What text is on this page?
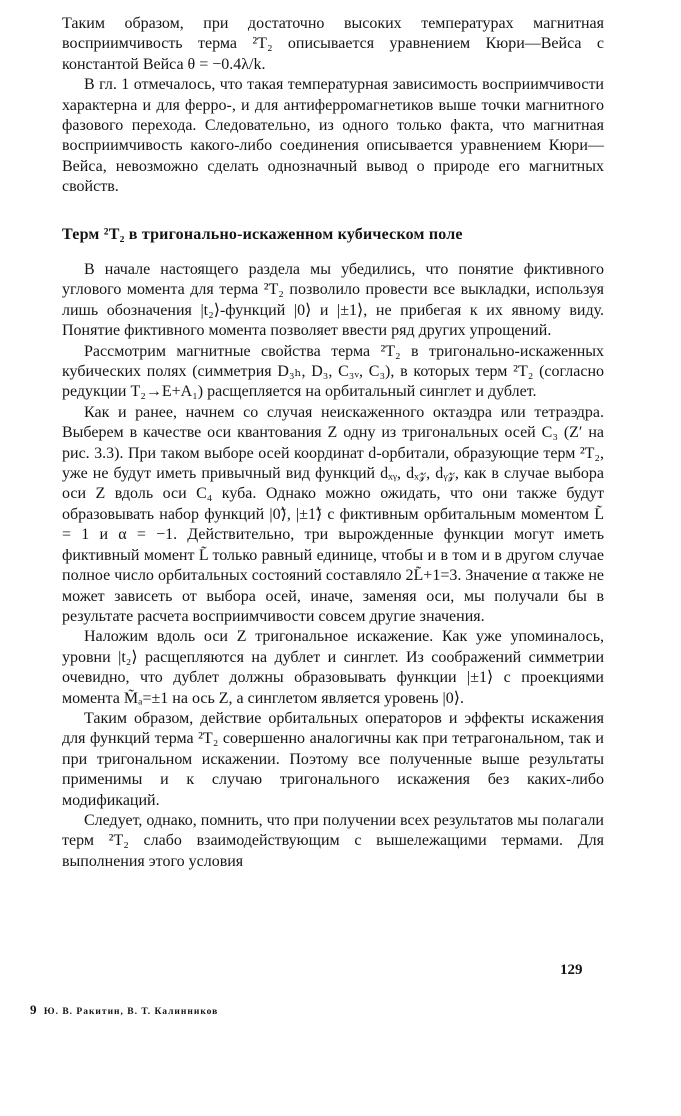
Таким образом, при достаточно высоких температурах магнитная восприимчивость терма ²T₂ описывается уравнением Кюри—Вейса с константой Вейса θ = −0.4λ/k.

В гл. 1 отмечалось, что такая температурная зависимость восприимчивости характерна и для ферро-, и для антиферромагнетиков выше точки магнитного фазового перехода. Следовательно, из одного только факта, что магнитная восприимчивость какого-либо соединения описывается уравнением Кюри—Вейса, невозможно сделать однозначный вывод о природе его магнитных свойств.

Терм ²T₂ в тригонально-искаженном кубическом поле

В начале настоящего раздела мы убедились, что понятие фиктивного углового момента для терма ²T₂ позволило провести все выкладки, используя лишь обозначения |t₂⟩-функций |0⟩ и |±1⟩, не прибегая к их явному виду. Понятие фиктивного момента позволяет ввести ряд других упрощений.

Рассмотрим магнитные свойства терма ²T₂ в тригонально-искаженных кубических полях (симметрия D₃ₕ, D₃, C₃ᵥ, C₃), в которых терм ²T₂ (согласно редукции T₂→E+A₁) расщепляется на орбитальный синглет и дублет.

Как и ранее, начнем со случая неискаженного октаэдра или тетраэдра. Выберем в качестве оси квантования Z одну из тригональных осей C₃ (Z′ на рис. 3.3). При таком выборе осей координат d-орбитали, образующие терм ²T₂, уже не будут иметь привычный вид функций dₓᵧ, dₓ𝓏, dᵧ𝓏, как в случае выбора оси Z вдоль оси C₄ куба. Однако можно ожидать, что они также будут образовывать набор функций |0̃⟩, |±1̃⟩ с фиктивным орбитальным моментом L̃ = 1 и α = −1. Действительно, три вырожденные функции могут иметь фиктивный момент L̃ только равный единице, чтобы и в том и в другом случае полное число орбитальных состояний составляло 2L̃+1=3. Значение α также не может зависеть от выбора осей, иначе, заменяя оси, мы получали бы в результате расчета восприимчивости совсем другие значения.

Наложим вдоль оси Z тригональное искажение. Как уже упоминалось, уровни |t₂⟩ расщепляются на дублет и синглет. Из соображений симметрии очевидно, что дублет должны образовывать функции |±1⟩ с проекциями момента M̃ₐ=±1 на ось Z, а синглетом является уровень |0⟩.

Таким образом, действие орбитальных операторов и эффекты искажения для функций терма ²T₂ совершенно аналогичны как при тетрагональном, так и при тригональном искажении. Поэтому все полученные выше результаты применимы и к случаю тригонального искажения без каких-либо модификаций.

Следует, однако, помнить, что при получении всех результатов мы полагали терм ²T₂ слабо взаимодействующим с вышележащими термами. Для выполнения этого условия

129
9 Ю. В. Ракитин, В. Т. Калинников
